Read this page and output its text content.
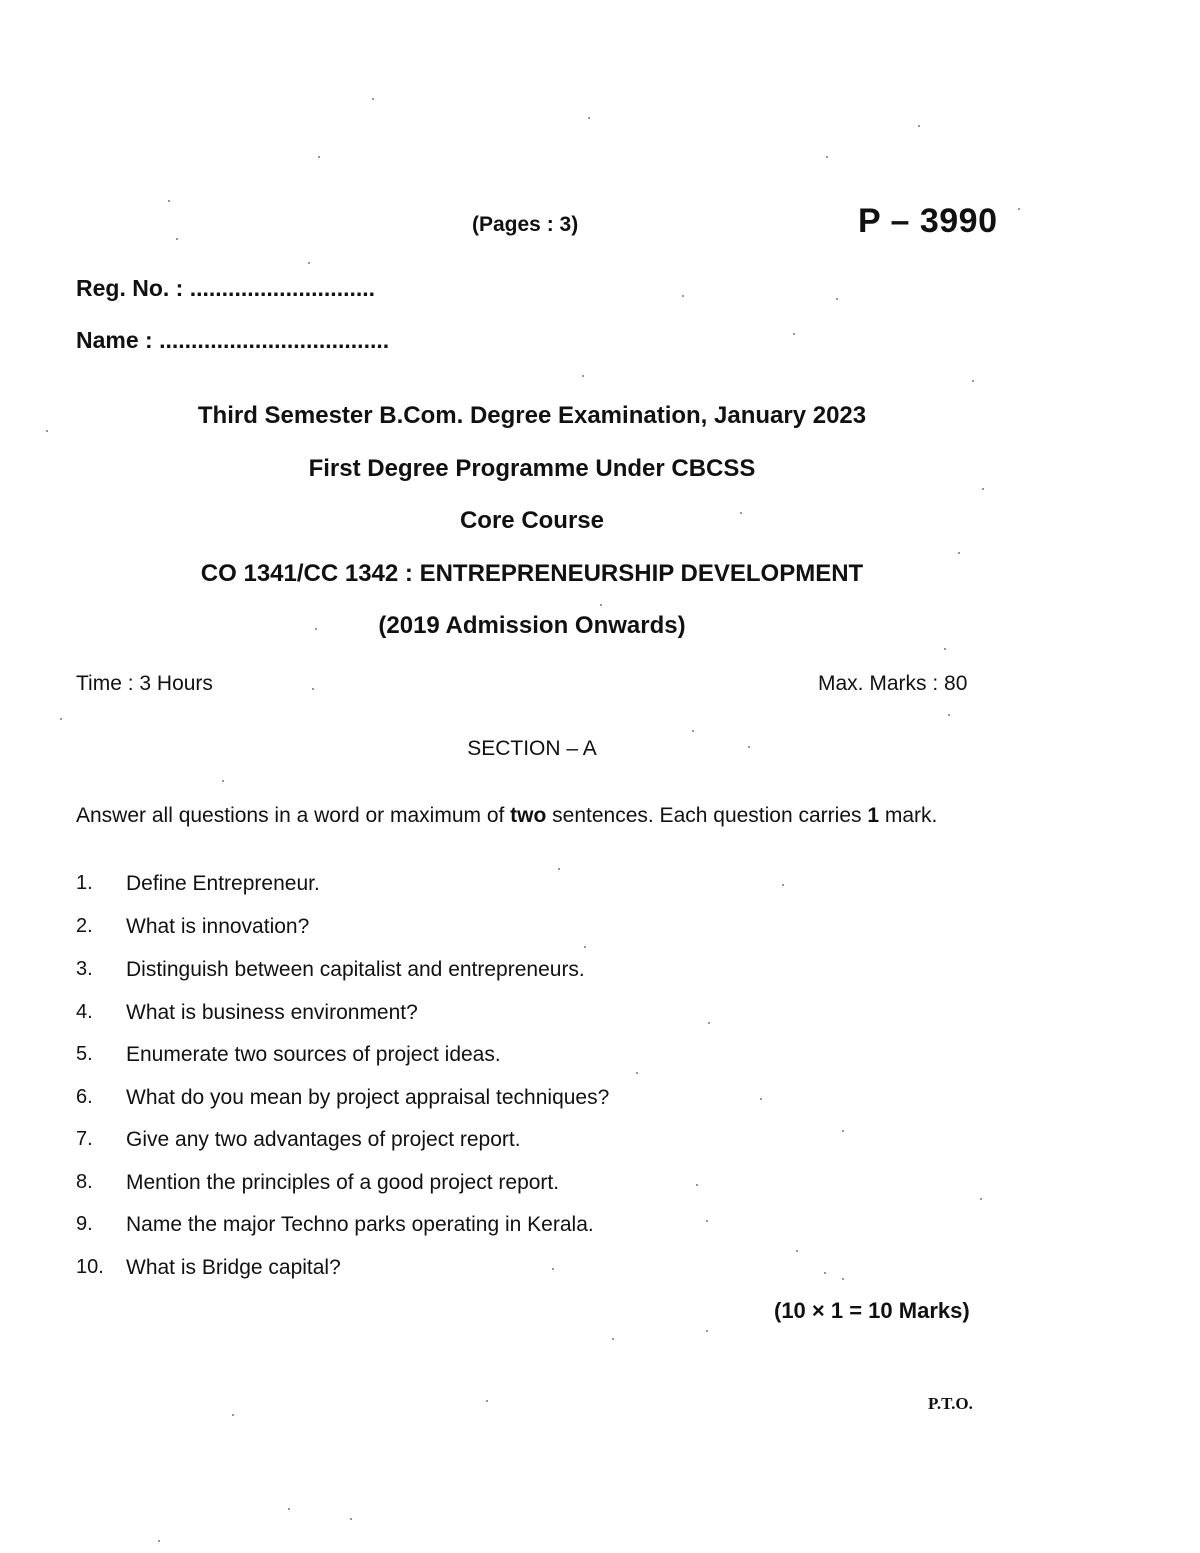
(Pages : 3)	P – 3990

Reg. No. : .............................

Name : ....................................

Third Semester B.Com. Degree Examination, January 2023

First Degree Programme Under CBCSS

Core Course

CO 1341/CC 1342 : ENTREPRENEURSHIP DEVELOPMENT

(2019 Admission Onwards)

Time : 3 Hours	Max. Marks : 80

SECTION – A

Answer all questions in a word or maximum of two sentences. Each question carries 1 mark.

1. Define Entrepreneur.

2. What is innovation?

3. Distinguish between capitalist and entrepreneurs.

4. What is business environment?

5. Enumerate two sources of project ideas.

6. What do you mean by project appraisal techniques?

7. Give any two advantages of project report.

8. Mention the principles of a good project report.

9. Name the major Techno parks operating in Kerala.

10. What is Bridge capital?

(10 × 1 = 10 Marks)

P.T.O.
